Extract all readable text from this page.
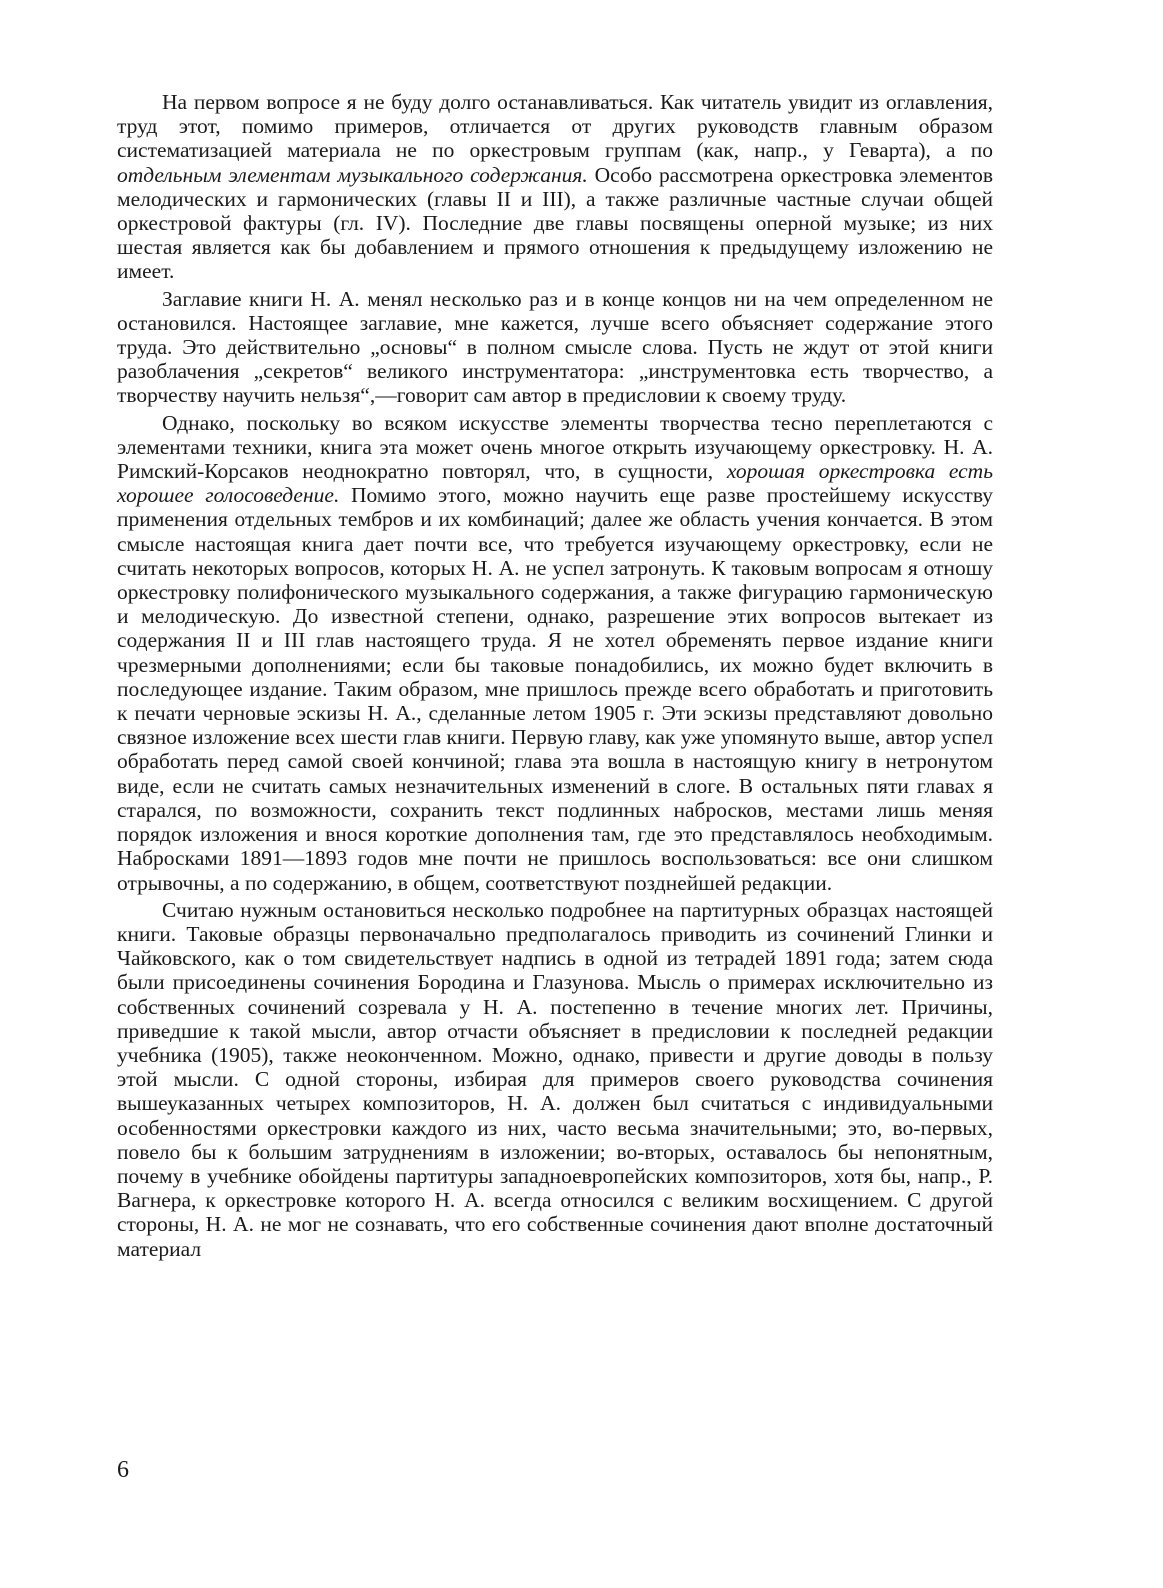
На первом вопросе я не буду долго останавливаться. Как читатель увидит из оглавления, труд этот, помимо примеров, отличается от других руководств главным образом систематизацией материала не по оркестровым группам (как, напр., у Геварта), а по отдельным элементам музыкального содержания. Особо рассмотрена оркестровка элементов мелодических и гармонических (главы II и III), а также различные частные случаи общей оркестровой фактуры (гл. IV). Последние две главы посвящены оперной музыке; из них шестая является как бы добавлением и прямого отношения к предыдущему изложению не имеет.

Заглавие книги Н. А. менял несколько раз и в конце концов ни на чем определенном не остановился. Настоящее заглавие, мне кажется, лучше всего объясняет содержание этого труда. Это действительно „основы“ в полном смысле слова. Пусть не ждут от этой книги разоблачения „секретов“ великого инструментатора: „инструментовка есть творчество, а творчеству научить нельзя“,—говорит сам автор в предисловии к своему труду.

Однако, поскольку во всяком искусстве элементы творчества тесно переплетаются с элементами техники, книга эта может очень многое открыть изучающему оркестровку. Н. А. Римский-Корсаков неоднократно повторял, что, в сущности, хорошая оркестровка есть хорошее голосоведение. Помимо этого, можно научить еще разве простейшему искусству применения отдельных тембров и их комбинаций; далее же область учения кончается. В этом смысле настоящая книга дает почти все, что требуется изучающему оркестровку, если не считать некоторых вопросов, которых Н. А. не успел затронуть. К таковым вопросам я отношу оркестровку полифонического музыкального содержания, а также фигурацию гармоническую и мелодическую. До известной степени, однако, разрешение этих вопросов вытекает из содержания II и III глав настоящего труда. Я не хотел обременять первое издание книги чрезмерными дополнениями; если бы таковые понадобились, их можно будет включить в последующее издание. Таким образом, мне пришлось прежде всего обработать и приготовить к печати черновые эскизы Н. А., сделанные летом 1905 г. Эти эскизы представляют довольно связное изложение всех шести глав книги. Первую главу, как уже упомянуто выше, автор успел обработать перед самой своей кончиной; глава эта вошла в настоящую книгу в нетронутом виде, если не считать самых незначительных изменений в слоге. В остальных пяти главах я старался, по возможности, сохранить текст подлинных набросков, местами лишь меняя порядок изложения и внося короткие дополнения там, где это представлялось необходимым. Набросками 1891—1893 годов мне почти не пришлось воспользоваться: все они слишком отрывочны, а по содержанию, в общем, соответствуют позднейшей редакции.

Считаю нужным остановиться несколько подробнее на партитурных образцах настоящей книги. Таковые образцы первоначально предполагалось приводить из сочинений Глинки и Чайковского, как о том свидетельствует надпись в одной из тетрадей 1891 года; затем сюда были присоединены сочинения Бородина и Глазунова. Мысль о примерах исключительно из собственных сочинений созревала у Н. А. постепенно в течение многих лет. Причины, приведшие к такой мысли, автор отчасти объясняет в предисловии к последней редакции учебника (1905), также неоконченном. Можно, однако, привести и другие доводы в пользу этой мысли. С одной стороны, избирая для примеров своего руководства сочинения вышеуказанных четырех композиторов, Н. А. должен был считаться с индивидуальными особенностями оркестровки каждого из них, часто весьма значительными; это, во-первых, повело бы к большим затруднениям в изложении; во-вторых, оставалось бы непонятным, почему в учебнике обойдены партитуры западноевропейских композиторов, хотя бы, напр., Р. Вагнера, к оркестровке которого Н. А. всегда относился с великим восхищением. С другой стороны, Н. А. не мог не сознавать, что его собственные сочинения дают вполне достаточный материал

6
